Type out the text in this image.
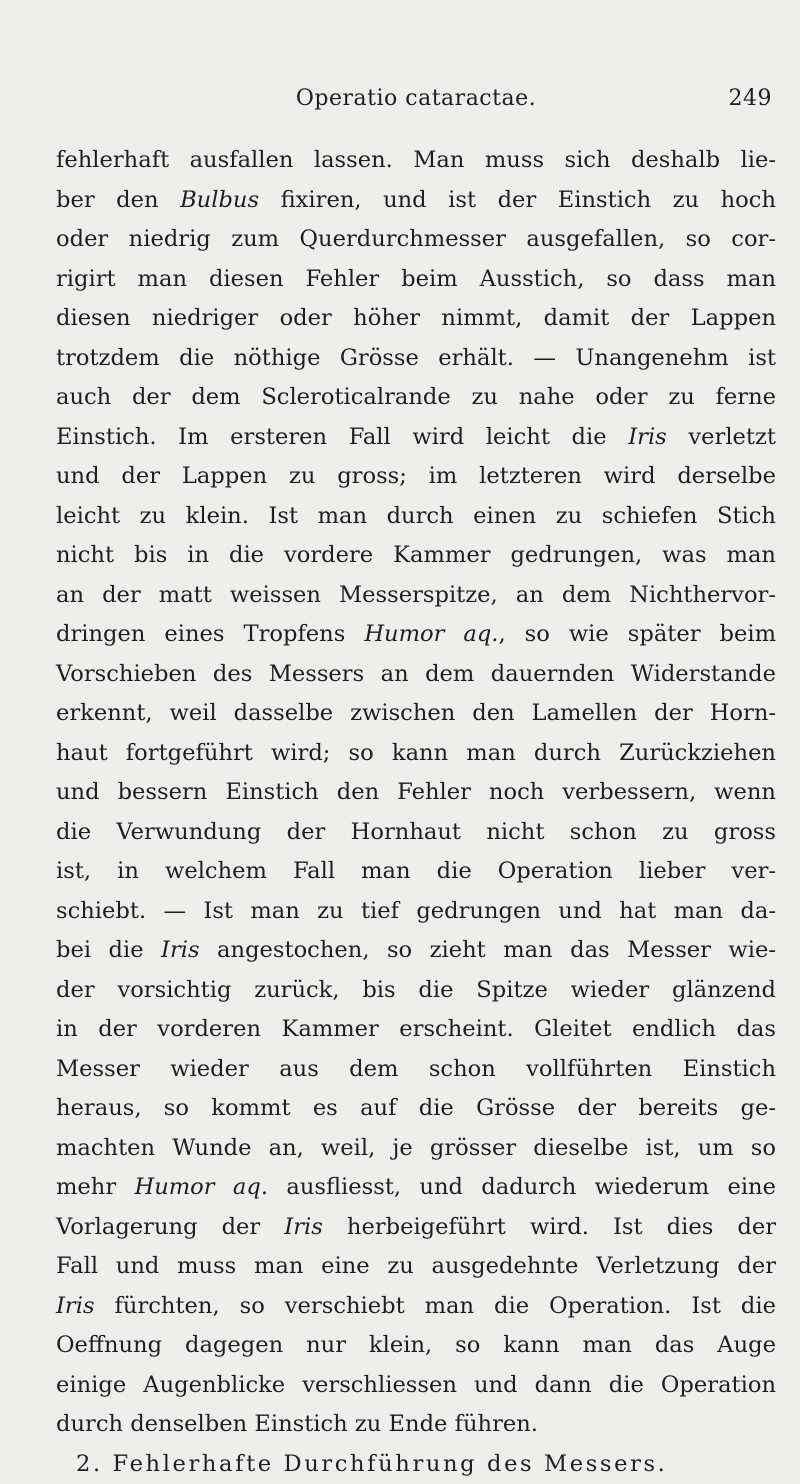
Operatio cataractae.	249
fehlerhaft ausfallen lassen. Man muss sich deshalb lie-
ber den Bulbus fixiren, und ist der Einstich zu hoch
oder niedrig zum Querdurchmesser ausgefallen, so cor-
rigirt man diesen Fehler beim Ausstich, so dass man
diesen niedriger oder höher nimmt, damit der Lappen
trotzdem die nöthige Grösse erhält. — Unangenehm ist
auch der dem Scleroticalrande zu nahe oder zu ferne
Einstich. Im ersteren Fall wird leicht die Iris verletzt
und der Lappen zu gross; im letzteren wird derselbe
leicht zu klein. Ist man durch einen zu schiefen Stich
nicht bis in die vordere Kammer gedrungen, was man
an der matt weissen Messerspitze, an dem Nichthervor-
dringen eines Tropfens Humor aq., so wie später beim
Vorschieben des Messers an dem dauernden Widerstande
erkennt, weil dasselbe zwischen den Lamellen der Horn-
haut fortgeführt wird; so kann man durch Zurückziehen
und bessern Einstich den Fehler noch verbessern, wenn
die Verwundung der Hornhaut nicht schon zu gross
ist, in welchem Fall man die Operation lieber ver-
schiebt. — Ist man zu tief gedrungen und hat man da-
bei die Iris angestochen, so zieht man das Messer wie-
der vorsichtig zurück, bis die Spitze wieder glänzend
in der vorderen Kammer erscheint. Gleitet endlich das
Messer wieder aus dem schon vollführten Einstich
heraus, so kommt es auf die Grösse der bereits ge-
machten Wunde an, weil, je grösser dieselbe ist, um so
mehr Humor aq. ausfliesst, und dadurch wiederum eine
Vorlagerung der Iris herbeigeführt wird. Ist dies der
Fall und muss man eine zu ausgedehnte Verletzung der
Iris fürchten, so verschiebt man die Operation. Ist die
Oeffnung dagegen nur klein, so kann man das Auge
einige Augenblicke verschliessen und dann die Operation
durch denselben Einstich zu Ende führen.
2. Fehlerhafte Durchführung des Messers.
